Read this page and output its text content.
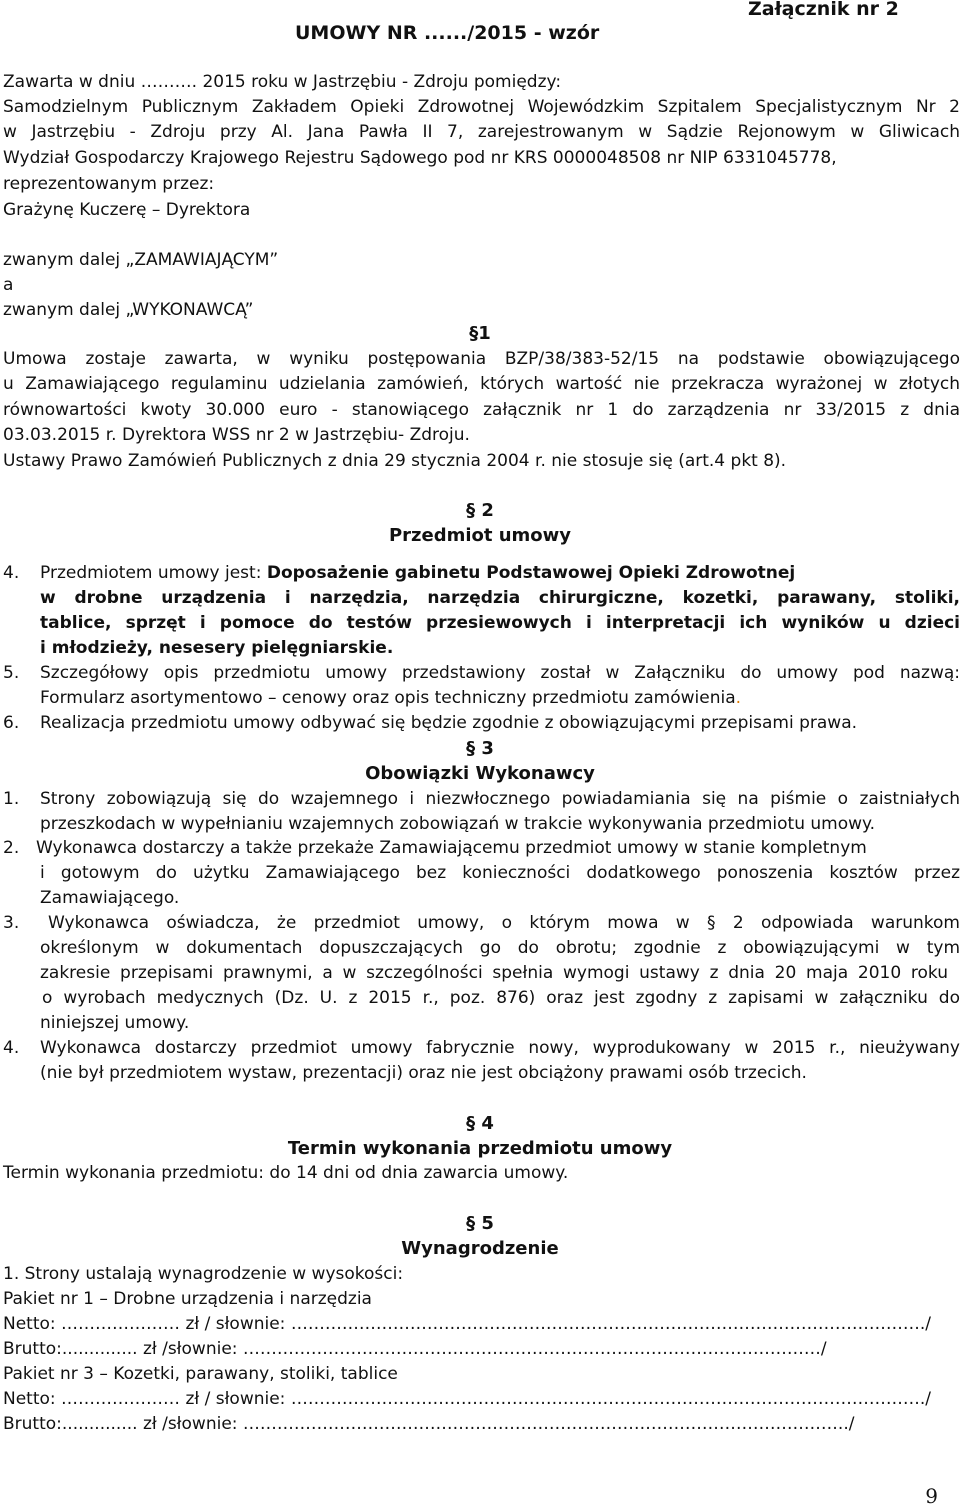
UMOWY NR ....../2015 - wzór
Załącznik nr 2
Zawarta w dniu ………. 2015 roku w Jastrzębiu - Zdroju pomiędzy:
Samodzielnym Publicznym Zakładem Opieki Zdrowotnej Wojewódzkim Szpitalem Specjalistycznym Nr 2
w Jastrzębiu - Zdroju przy Al. Jana Pawła II 7, zarejestrowanym w Sądzie Rejonowym w Gliwicach
Wydział Gospodarczy Krajowego Rejestru Sądowego pod nr KRS 0000048508 nr NIP 6331045778,
reprezentowanym przez:
Grażynę Kuczerę – Dyrektora
zwanym dalej „ZAMAWIAJĄCYM”
a
zwanym dalej „WYKONAWCĄ”
§1
Umowa zostaje zawarta, w wyniku postępowania BZP/38/383-52/15 na podstawie obowiązującego
u Zamawiającego regulaminu udzielania zamówień, których wartość nie przekracza wyrażonej w złotych
równowartości kwoty 30.000 euro - stanowiącego załącznik nr 1 do zarządzenia nr 33/2015 z dnia
03.03.2015 r. Dyrektora WSS nr 2 w Jastrzębiu- Zdroju.
Ustawy Prawo Zamówień Publicznych z dnia 29 stycznia 2004 r. nie stosuje się (art.4 pkt 8).
§ 2
Przedmiot umowy
4. Przedmiotem umowy jest: Doposażenie gabinetu Podstawowej Opieki Zdrowotnej
w drobne urządzenia i narzędzia, narzędzia chirurgiczne, kozetki, parawany, stoliki,
tablice, sprzęt i pomoce do testów przesiewowych i interpretacji ich wyników u dzieci
i młodzieży, nesesery pielęgniarskie.
5. Szczegółowy opis przedmiotu umowy przedstawiony został w Załączniku do umowy pod nazwą:
Formularz asortymentowo – cenowy oraz opis techniczny przedmiotu zamówienia.
6. Realizacja przedmiotu umowy odbywać się będzie zgodnie z obowiązującymi przepisami prawa.
§ 3
Obowiązki Wykonawcy
1. Strony zobowiązują się do wzajemnego i niezwłocznego powiadamiania się na piśmie o zaistniałych
przeszkodach w wypełnianiu wzajemnych zobowiązań w trakcie wykonywania przedmiotu umowy.
2. Wykonawca dostarczy a także przekaże Zamawiającemu przedmiot umowy w stanie kompletnym
i gotowym do użytku Zamawiającego bez konieczności dodatkowego ponoszenia kosztów przez
Zamawiającego.
3. Wykonawca oświadcza, że przedmiot umowy, o którym mowa w § 2 odpowiada warunkom
określonym w dokumentach dopuszczających go do obrotu; zgodnie z obowiązującymi w tym
zakresie przepisami prawnymi, a w szczególności spełnia wymogi ustawy z dnia 20 maja 2010 roku
o wyrobach medycznych (Dz. U. z 2015 r., poz. 876) oraz jest zgodny z zapisami w załączniku do
niniejszej umowy.
4. Wykonawca dostarczy przedmiot umowy fabrycznie nowy, wyprodukowany w 2015 r., nieużywany
(nie był przedmiotem wystaw, prezentacji) oraz nie jest obciążony prawami osób trzecich.
§ 4
Termin wykonania przedmiotu umowy
Termin wykonania przedmiotu: do 14 dni od dnia zawarcia umowy.
§ 5
Wynagrodzenie
1. Strony ustalają wynagrodzenie w wysokości:
Pakiet nr 1 – Drobne urządzenia i narzędzia
Netto: ………………… zł / słownie: …………………………………………………………………………………………………./
Brutto:.............. zł /słownie: …………………………………………………………………………………………/
Pakiet nr 3 – Kozetki, parawany, stoliki, tablice
Netto: ………………… zł / słownie: …………………………………………………………………………………………………./
Brutto:.............. zł /słownie: ……………………………………………………………………………………………../
9
